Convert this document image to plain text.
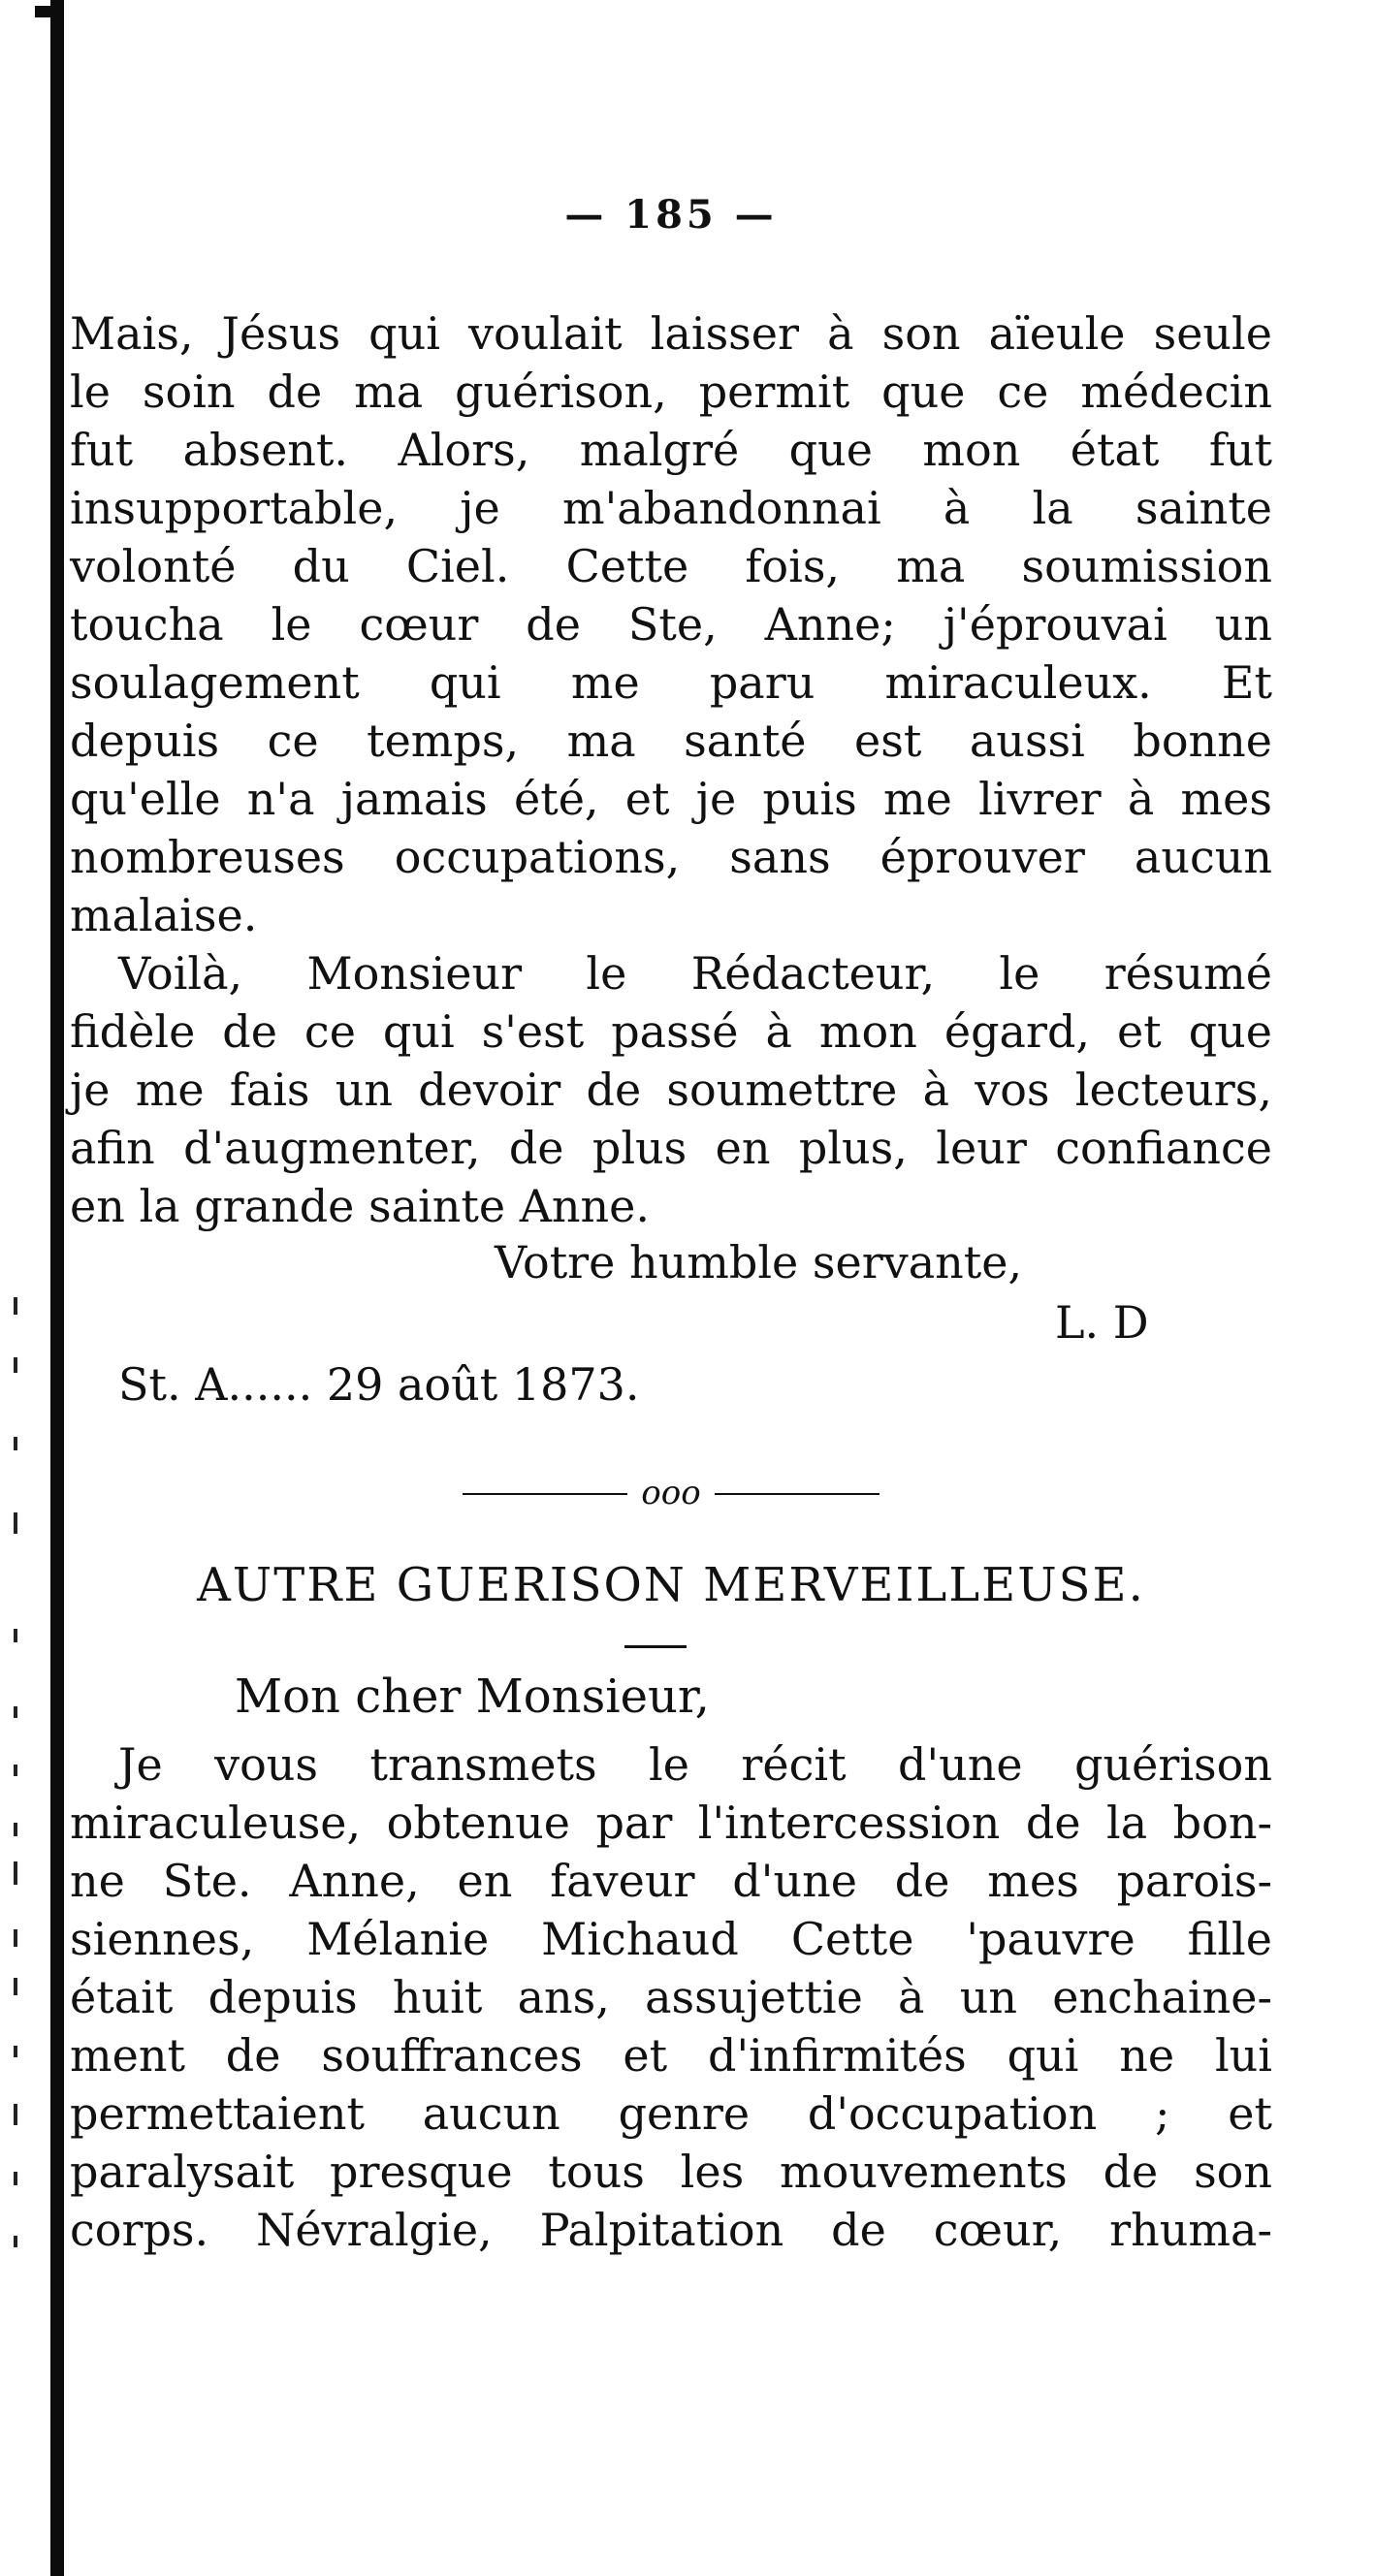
— 185 —
Mais, Jésus qui voulait laisser à son aïeule seule
le soin de ma guérison, permit que ce médecin
fut absent. Alors, malgré que mon état fut
insupportable, je m'abandonnai à la sainte
volonté du Ciel. Cette fois, ma soumission
toucha le cœur de Ste, Anne; j'éprouvai un
soulagement qui me paru miraculeux. Et
depuis ce temps, ma santé est aussi bonne
qu'elle n'a jamais été, et je puis me livrer à mes
nombreuses occupations, sans éprouver aucun
malaise.
Voilà, Monsieur le Rédacteur, le résumé
fidèle de ce qui s'est passé à mon égard, et que
je me fais un devoir de soumettre à vos lecteurs,
afin d'augmenter, de plus en plus, leur confiance
en la grande sainte Anne.
Votre humble servante,
L. D
St. A...... 29 août 1873.
ooo
AUTRE GUERISON MERVEILLEUSE.
Mon cher Monsieur,
Je vous transmets le récit d'une guérison
miraculeuse, obtenue par l'intercession de la bon-
ne Ste. Anne, en faveur d'une de mes parois-
siennes, Mélanie Michaud Cette 'pauvre fille
était depuis huit ans, assujettie à un enchaine-
ment de souffrances et d'infirmités qui ne lui
permettaient aucun genre d'occupation ; et
paralysait presque tous les mouvements de son
corps. Névralgie, Palpitation de cœur, rhuma-
